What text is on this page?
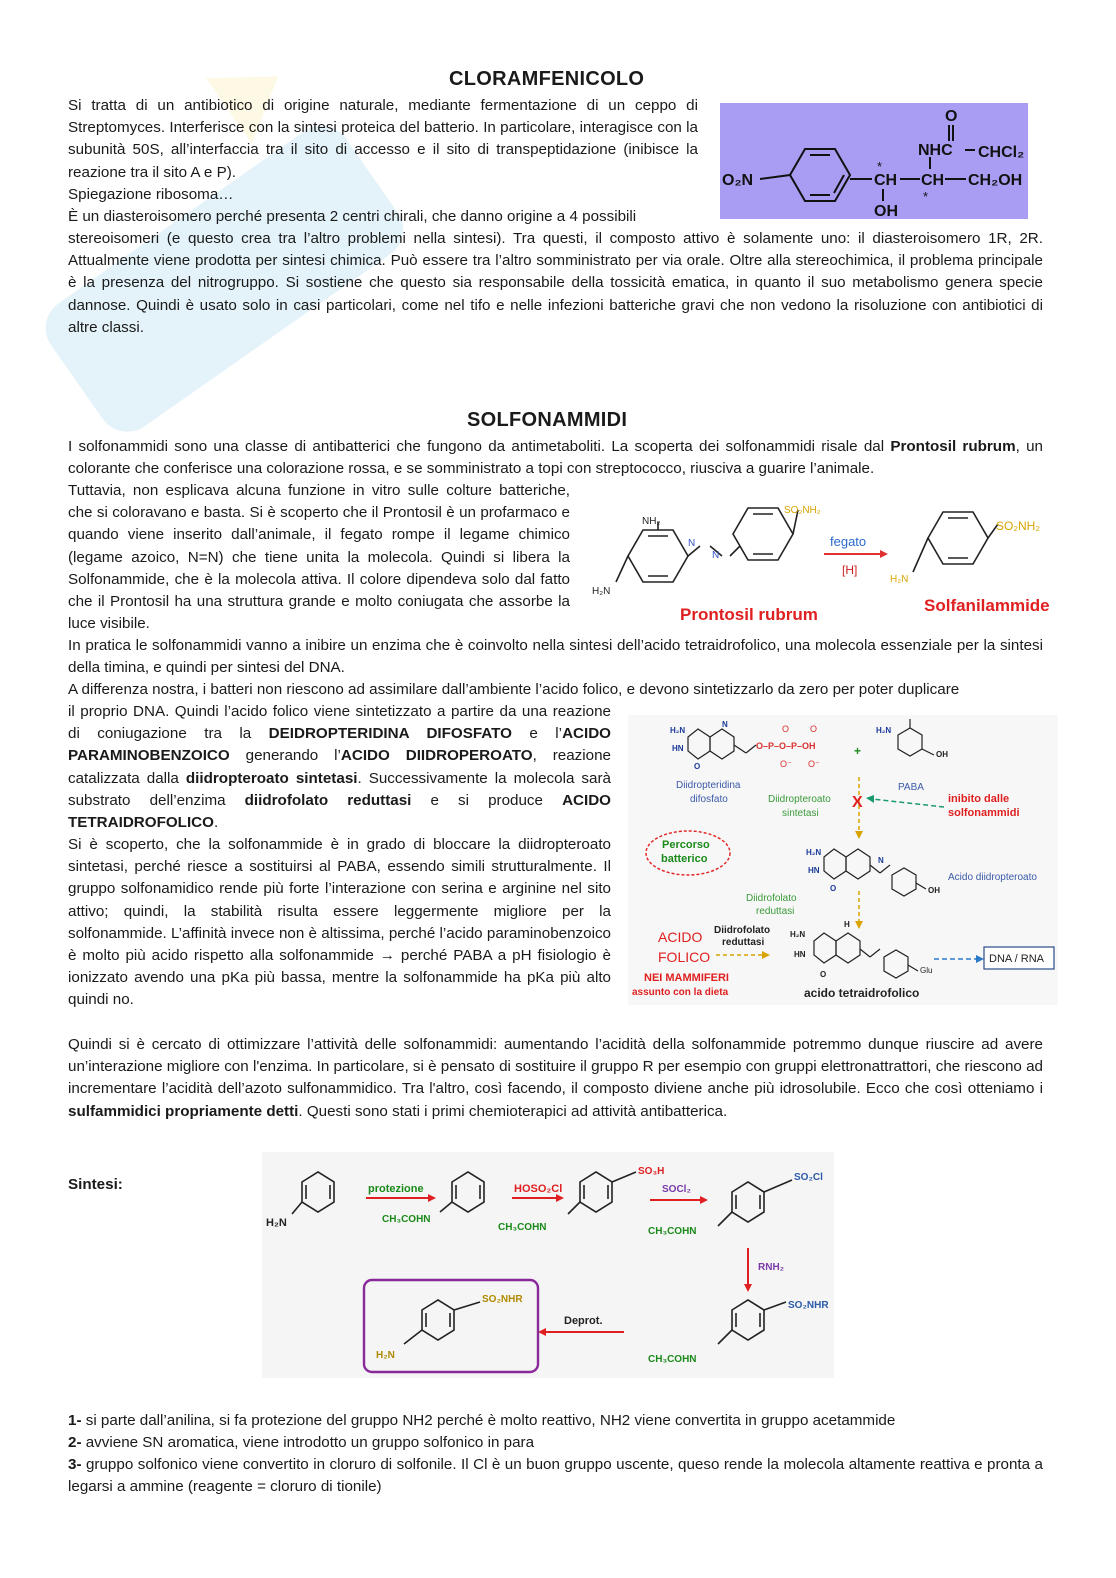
CLORAMFENICOLO

Si tratta di un antibiotico di origine naturale, mediante fermentazione di un ceppo di Streptomyces. Interferisce con la sintesi proteica del batterio. In particolare, interagisce con la subunità 50S, all’interfaccia tra il sito di accesso e il sito di transpeptidazione (inibisce la reazione tra il sito A e P).

Spiegazione ribosoma…

È un diasteroisomero perché presenta 2 centri chirali, che danno origine a 4 possibili

stereoisomeri (e questo crea tra l’altro problemi nella sintesi). Tra questi, il composto attivo è solamente uno: il diasteroisomero 1R, 2R. Attualmente viene prodotta per sintesi chimica. Può essere tra l’altro somministrato per via orale. Oltre alla stereochimica, il problema principale è la presenza del nitrogruppo. Si sostiene che questo sia responsabile della tossicità ematica, in quanto il suo metabolismo genera specie dannose. Quindi è usato solo in casi particolari, come nel tifo e nelle infezioni batteriche gravi che non vedono la risoluzione con antibiotici di altre classi.

O₂N
O
NHC CHCl₂
CH CH CH₂OH
OH
*
*
SOLFONAMMIDI

I solfonammidi sono una classe di antibatterici che fungono da antimetaboliti. La scoperta dei solfonammidi risale dal Prontosil rubrum, un colorante che conferisce una colorazione rossa, e se somministrato a topi con streptococco, riusciva a guarire l’animale.

Tuttavia, non esplicava alcuna funzione in vitro sulle colture batteriche, che si coloravano e basta. Si è scoperto che il Prontosil è un profarmaco e quando viene inserito dall’animale, il fegato rompe il legame chimico (legame azoico, N=N) che tiene unita la molecola. Quindi si libera la Solfonammide, che è la molecola attiva. Il colore dipendeva solo dal fatto che il Prontosil ha una struttura grande e molto coniugata che assorbe la luce visibile.

NH₂
H₂N
N
N
SO₂NH₂
fegato
[H]
Prontosil rubrum
H₂N
SO₂NH₂
Solfanilammide

In pratica le solfonammidi vanno a inibire un enzima che è coinvolto nella sintesi dell’acido tetraidrofolico, una molecola essenziale per la sintesi della timina, e quindi per sintesi del DNA.

A differenza nostra, i batteri non riescono ad assimilare dall’ambiente l’acido folico, e devono sintetizzarlo da zero per poter duplicare

il proprio DNA. Quindi l’acido folico viene sintetizzato a partire da una reazione di coniugazione tra la DEIDROPTERIDINA DIFOSFATO e l’ACIDO PARAMINOBENZOICO generando l’ACIDO DIIDROPEROATO, reazione catalizzata dalla diidropteroato sintetasi. Successivamente la molecola sarà substrato dell’enzima diidrofolato reduttasi e si produce ACIDO TETRAIDROFOLICO.

Si è scoperto, che la solfonammide è in grado di bloccare la diidropteroato sintetasi, perché riesce a sostituirsi al PABA, essendo simili strutturalmente. Il gruppo solfonamidico rende più forte l’interazione con serina e arginine nel sito attivo; quindi, la stabilità risulta essere leggermente migliore per la solfonammide. L’affinità invece non è altissima, perché l’acido paraminobenzoico è molto più acido rispetto alla solfonammide → perché PABA a pH fisiologio è ionizzato avendo una pKa più bassa, mentre la solfonammide ha pKa più alto quindi no.

H₂N
HN
N
O
O–P–O–P–OH
O O
O⁻ O⁻
+
H₂N
OH
Diidropteridina
difosfato
PABA
Diidropteroato
sintetasi
X	inibito dalle
solfonammidi
Percorso
batterico
H₂N
HN
N
O	OH
Acido diidropteroato
Diidrofolato
reduttasi
ACIDO
FOLICO
Diidrofolato
reduttasi
NEI MAMMIFERI
assunto con la dieta
H₂N
HN
O
H
Glu
acido tetraidrofolico
DNA / RNA

Quindi si è cercato di ottimizzare l’attività delle solfonammidi: aumentando l’acidità della solfonammide potremmo dunque riuscire ad avere un’interazione migliore con l'enzima. In particolare, si è pensato di sostituire il gruppo R per esempio con gruppi elettronattrattori, che riescono ad incrementare l’acidità dell’azoto sulfonammidico. Tra l'altro, così facendo, il composto diviene anche più idrosolubile. Ecco che così otteniamo i sulfammidici propriamente detti. Questi sono stati i primi chemioterapici ad attività antibatterica.

Sintesi:
H₂N
protezione
CH₃COHN
HOSO₂Cl
CH₃COHN
SO₃H
SOCl₂
CH₃COHN
SO₂Cl
RNH₂
SO₂NHR
CH₃COHN
Deprot.
SO₂NHR
H₂N

1- si parte dall’anilina, si fa protezione del gruppo NH2 perché è molto reattivo, NH2 viene convertita in gruppo acetammide

2- avviene SN aromatica, viene introdotto un gruppo solfonico in para

3- gruppo solfonico viene convertito in cloruro di solfonile. Il Cl è un buon gruppo uscente, queso rende la molecola altamente reattiva e pronta a legarsi a ammine (reagente = cloruro di tionile)
